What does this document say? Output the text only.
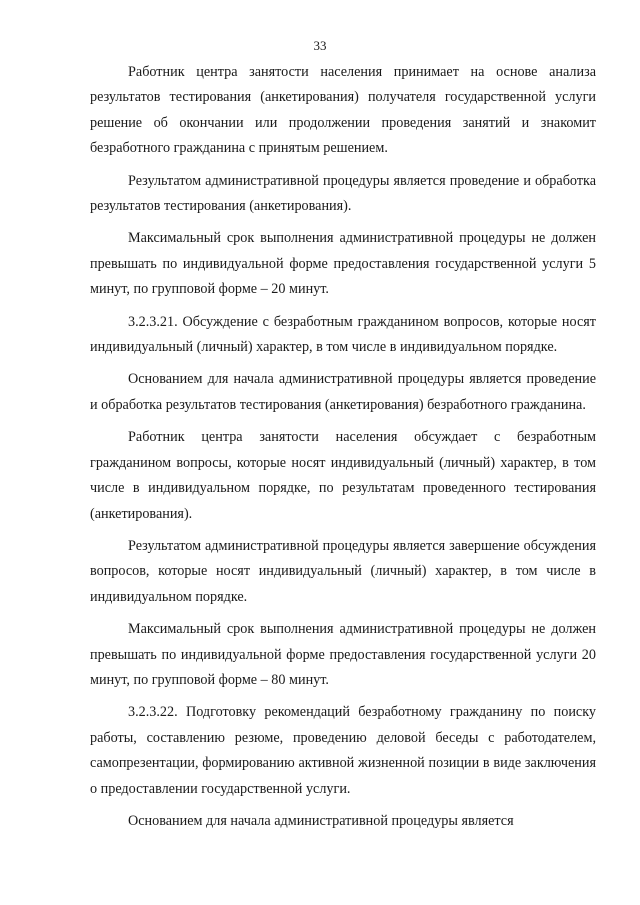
33

Работник центра занятости населения принимает на основе анализа результатов тестирования (анкетирования) получателя государственной услуги решение об окончании или продолжении проведения занятий и знакомит безработного гражданина с принятым решением.

Результатом административной процедуры является проведение и обработка результатов тестирования (анкетирования).

Максимальный срок выполнения административной процедуры не должен превышать по индивидуальной форме предоставления государственной услуги 5 минут, по групповой форме – 20 минут.

3.2.3.21. Обсуждение с безработным гражданином вопросов, которые носят индивидуальный (личный) характер, в том числе в индивидуальном порядке.

Основанием для начала административной процедуры является проведение и обработка результатов тестирования (анкетирования) безработного гражданина.

Работник центра занятости населения обсуждает с безработным гражданином вопросы, которые носят индивидуальный (личный) характер, в том числе в индивидуальном порядке, по результатам проведенного тестирования (анкетирования).

Результатом административной процедуры является завершение обсуждения вопросов, которые носят индивидуальный (личный) характер, в том числе в индивидуальном порядке.

Максимальный срок выполнения административной процедуры не должен превышать по индивидуальной форме предоставления государственной услуги 20 минут, по групповой форме – 80 минут.

3.2.3.22. Подготовку рекомендаций безработному гражданину по поиску работы, составлению резюме, проведению деловой беседы с работодателем, самопрезентации, формированию активной жизненной позиции в виде заключения о предоставлении государственной услуги.

Основанием для начала административной процедуры является
